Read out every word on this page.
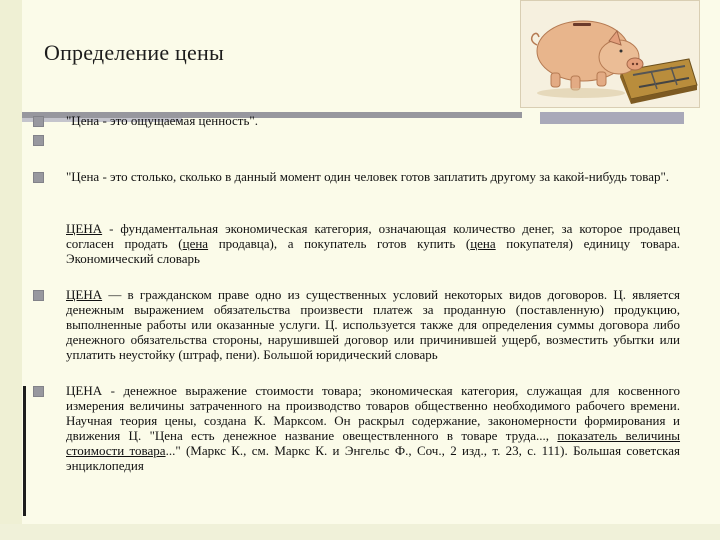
Определение цены
"Цена - это ощущаемая ценность".
"Цена - это столько, сколько в данный момент один человек готов заплатить другому за какой-нибудь товар".
ЦЕНА - фундаментальная экономическая категория, означающая количество денег, за которое продавец согласен продать (цена продавца), а покупатель готов купить (цена покупателя) единицу товара. Экономический словарь
ЦЕНА — в гражданском праве одно из существенных условий некоторых видов договоров. Ц. является денежным выражением обязательства произвести платеж за проданную (поставленную) продукцию, выполненные работы или оказанные услуги. Ц. используется также для определения суммы договора либо денежного обязательства стороны, нарушившей договор или причинившей ущерб, возместить убытки или уплатить неустойку (штраф, пени). Большой юридический словарь
ЦЕНА - денежное выражение стоимости товара; экономическая категория, служащая для косвенного измерения величины затраченного на производство товаров общественно необходимого рабочего времени. Научная теория цены, создана К. Марксом. Он раскрыл содержание, закономерности формирования и движения Ц. "Цена есть денежное название овеществленного в товаре труда..., показатель величины стоимости товара..." (Маркс К., см. Маркс К. и Энгельс Ф., Соч., 2 изд., т. 23, с. 111). Большая советская энциклопедия
